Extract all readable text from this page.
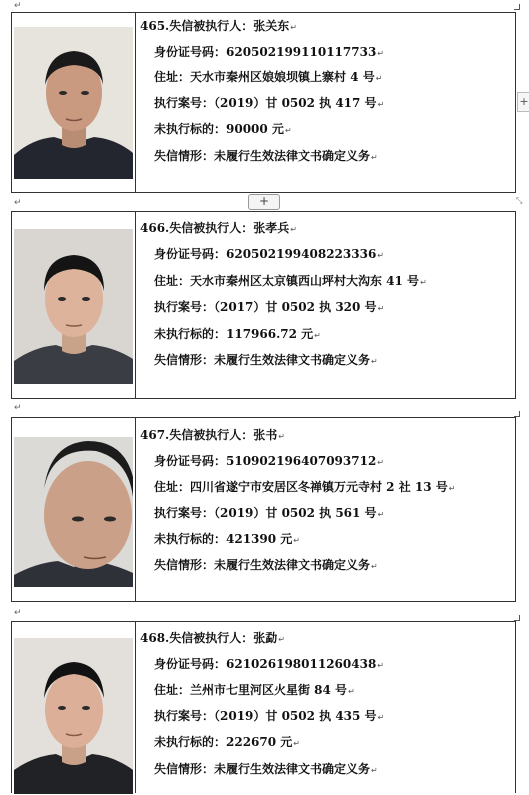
↵
↵
↵
↵
+
⤡
465.失信被执行人：张关东↵
身份证号码：620502199110117733↵
住址：天水市秦州区娘娘坝镇上寨村 4 号↵
执行案号：（2019）甘 0502 执 417 号↵
未执行标的：90000 元↵
失信情形：未履行生效法律文书确定义务↵
+
466.失信被执行人：张孝兵↵
身份证号码：620502199408223336↵
住址：天水市秦州区太京镇西山坪村大沟东 41 号↵
执行案号：（2017）甘 0502 执 320 号↵
未执行标的：117966.72 元↵
失信情形：未履行生效法律文书确定义务↵
467.失信被执行人：张书↵
身份证号码：510902196407093712↵
住址：四川省遂宁市安居区冬禅镇万元寺村 2 社 13 号↵
执行案号：（2019）甘 0502 执 561 号↵
未执行标的：421390 元↵
失信情形：未履行生效法律文书确定义务↵
468.失信被执行人：张勐↵
身份证号码：621026198011260438↵
住址：兰州市七里河区火星街 84 号↵
执行案号：（2019）甘 0502 执 435 号↵
未执行标的：222670 元↵
失信情形：未履行生效法律文书确定义务↵
